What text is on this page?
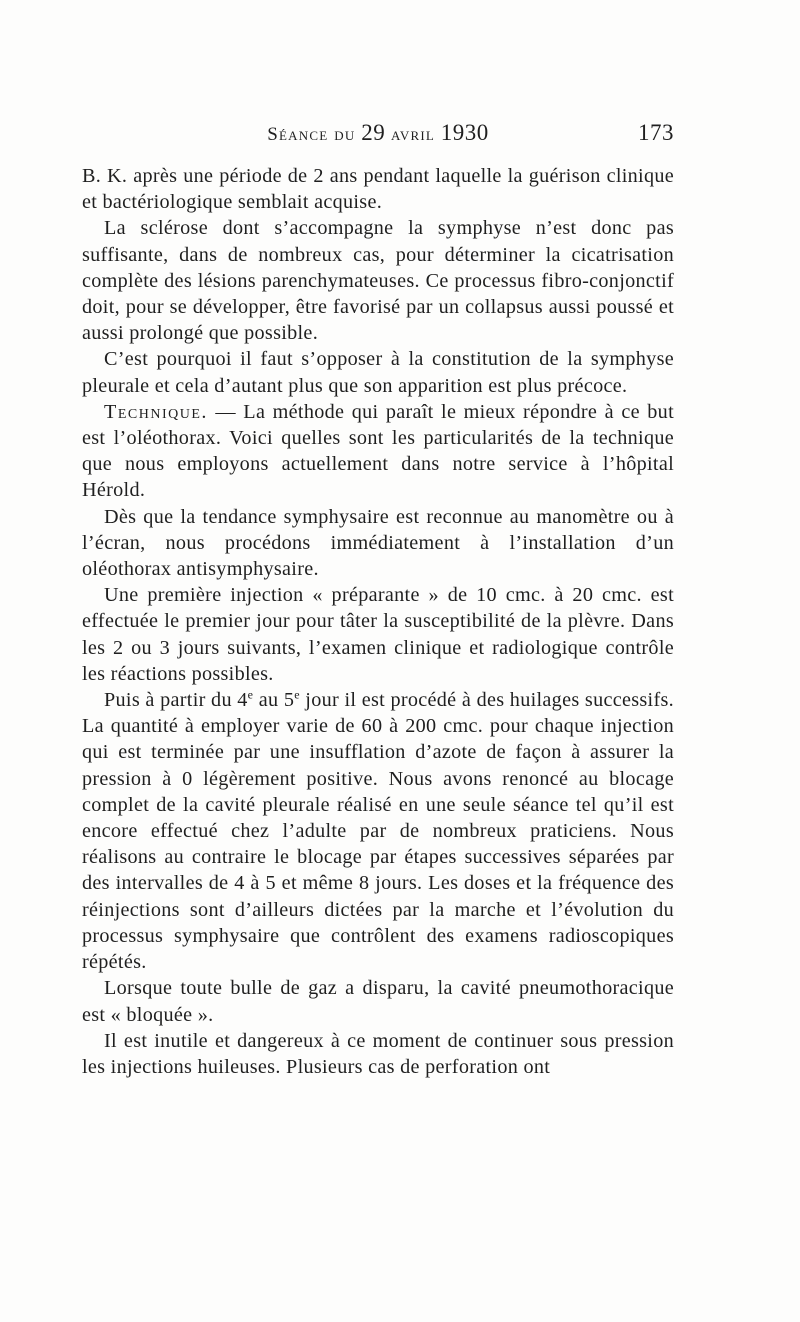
Séance du 29 avril 1930	173

B. K. après une période de 2 ans pendant laquelle la guérison clinique et bactériologique semblait acquise.

La sclérose dont s’accompagne la symphyse n’est donc pas suffisante, dans de nombreux cas, pour déterminer la cicatrisation complète des lésions parenchymateuses. Ce processus fibro-conjonctif doit, pour se développer, être favorisé par un collapsus aussi poussé et aussi prolongé que possible.

C’est pourquoi il faut s’opposer à la constitution de la symphyse pleurale et cela d’autant plus que son apparition est plus précoce.

Technique. — La méthode qui paraît le mieux répondre à ce but est l’oléothorax. Voici quelles sont les particularités de la technique que nous employons actuellement dans notre service à l’hôpital Hérold.

Dès que la tendance symphysaire est reconnue au manomètre ou à l’écran, nous procédons immédiatement à l’installation d’un oléothorax antisymphysaire.

Une première injection « préparante » de 10 cmc. à 20 cmc. est effectuée le premier jour pour tâter la susceptibilité de la plèvre. Dans les 2 ou 3 jours suivants, l’examen clinique et radiologique contrôle les réactions possibles.

Puis à partir du 4e au 5e jour il est procédé à des huilages successifs. La quantité à employer varie de 60 à 200 cmc. pour chaque injection qui est terminée par une insufflation d’azote de façon à assurer la pression à 0 légèrement positive. Nous avons renoncé au blocage complet de la cavité pleurale réalisé en une seule séance tel qu’il est encore effectué chez l’adulte par de nombreux praticiens. Nous réalisons au contraire le blocage par étapes successives séparées par des intervalles de 4 à 5 et même 8 jours. Les doses et la fréquence des réinjections sont d’ailleurs dictées par la marche et l’évolution du processus symphysaire que contrôlent des examens radioscopiques répétés.

Lorsque toute bulle de gaz a disparu, la cavité pneumothoracique est « bloquée ».

Il est inutile et dangereux à ce moment de continuer sous pression les injections huileuses. Plusieurs cas de perforation ont
